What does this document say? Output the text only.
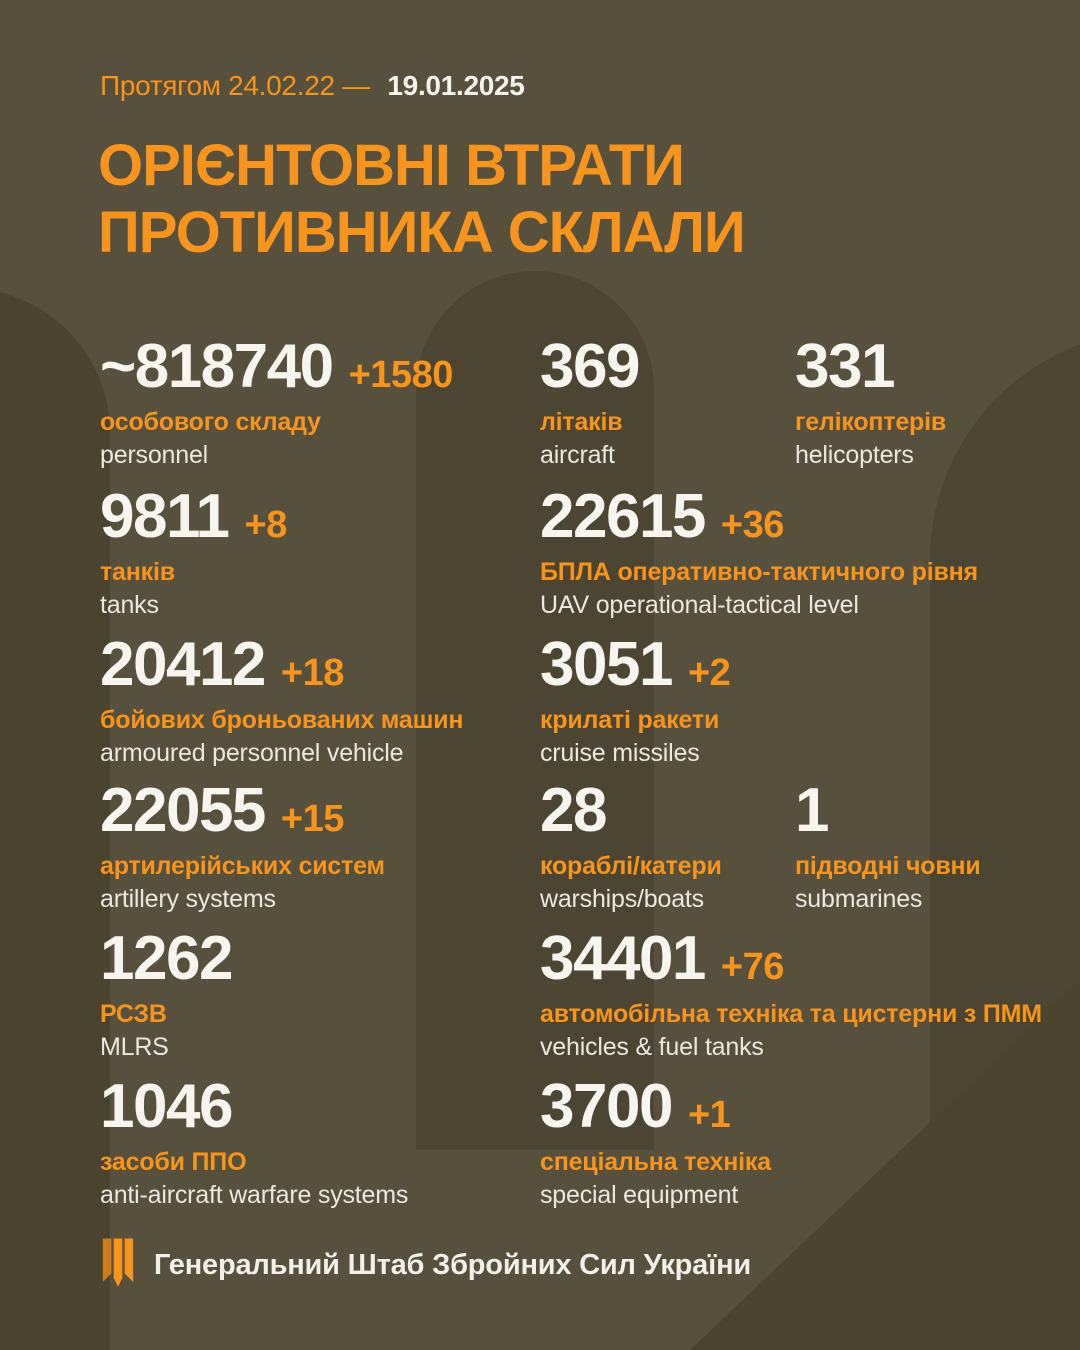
Протягом 24.02.22 — 19.01.2025
ОРІЄНТОВНІ ВТРАТИ
ПРОТИВНИКА СКЛАЛИ
~818740 +1580
особового складу
personnel
369
літаків
aircraft
331
гелікоптерів
helicopters
9811 +8
танків
tanks
22615 +36
БПЛА оперативно-тактичного рівня
UAV operational-tactical level
20412 +18
бойових броньованих машин
armoured personnel vehicle
3051 +2
крилаті ракети
cruise missiles
22055 +15
артилерійських систем
artillery systems
28
кораблі/катери
warships/boats
1
підводні човни
submarines
1262
РСЗВ
MLRS
34401 +76
автомобільна техніка та цистерни з ПММ
vehicles & fuel tanks
1046
засоби ППО
anti-aircraft warfare systems
3700 +1
спеціальна техніка
special equipment
Генеральний Штаб Збройних Сил України
